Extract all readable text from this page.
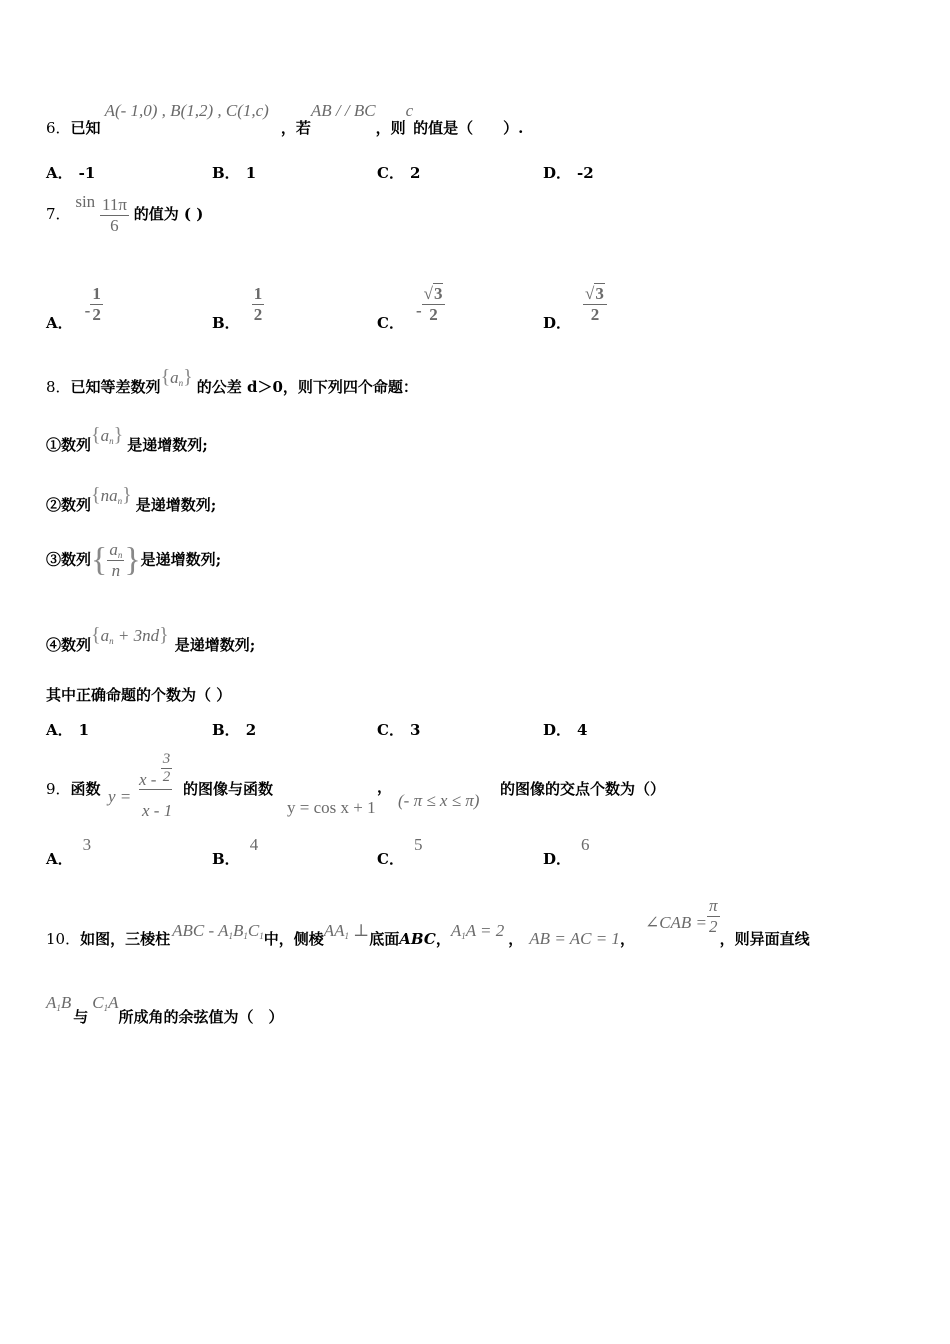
6．已知A(- 1,0) , B(1,2) , C(1,c)，若AB / / BC，则c的值是（　　）.
A． -1	B． 1	C． 2	D． -2
7． $\sin \frac{11\pi}{6}$ 的值为 ( )
A．- $\frac{1}{2}$	B． $\frac{1}{2}$	C．- $\frac{√3}{2}$	D． $\frac{√3}{2}$
8．已知等差数列$\{a_n\}$ 的公差 d＞0，则下列四个命题：
①数列$\{a_n\}$ 是递增数列;
②数列$\{na_n\}$ 是递增数列;
③数列{ $\frac{a_n}{n}$ }是递增数列;
④数列$\{a_n + 3nd\}$ 是递增数列;
其中正确命题的个数为（ ）
A． 1	B． 2	C． 3	D． 4
9．函数 y =
x - $\frac{3}{2}$
x - 1
的图像与函数
y = cos x + 1
，
(- π ≤ x ≤ π)
的图像的交点个数为（）
A．3
B．4
C．5
D．6
10．如图，三棱柱 ABC - $A_1B_1C_1$中，侧棱$AA_1$ ⊥底面ABC，$A_1A = 2$ ， AB = AC = 1，∠CAB = $\frac{\pi}{2}$
，则异面直线
$A_1B$与$C_1A$所成角的余弦值为（　）
